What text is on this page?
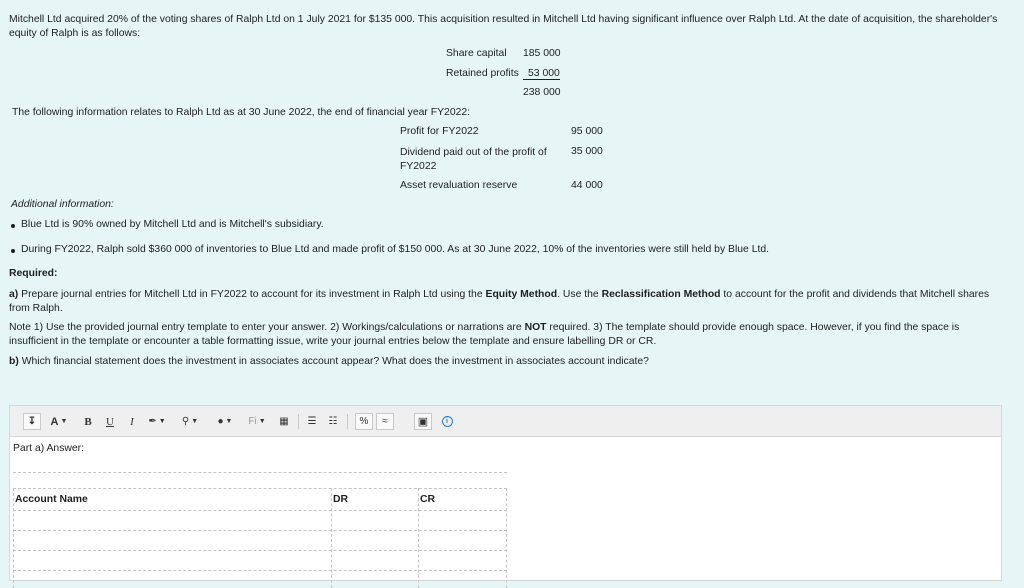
Mitchell Ltd acquired 20% of the voting shares of Ralph Ltd on 1 July 2021 for $135 000. This acquisition resulted in Mitchell Ltd having significant influence over Ralph Ltd. At the date of acquisition, the shareholder's equity of Ralph is as follows:
Share capital 185 000
Retained profits 53 000
238 000
The following information relates to Ralph Ltd as at 30 June 2022, the end of financial year FY2022:
Profit for FY2022	95 000
Dividend paid out of the profit of FY2022
35 000
Asset revaluation reserve	44 000
Additional information:
Blue Ltd is 90% owned by Mitchell Ltd and is Mitchell's subsidiary.
During FY2022, Ralph sold $360 000 of inventories to Blue Ltd and made profit of $150 000. As at 30 June 2022, 10% of the inventories were still held by Blue Ltd.
Required:
a) Prepare journal entries for Mitchell Ltd in FY2022 to account for its investment in Ralph Ltd using the Equity Method. Use the Reclassification Method to account for the profit and dividends that Mitchell shares from Ralph.
Note 1) Use the provided journal entry template to enter your answer. 2) Workings/calculations or narrations are NOT required. 3) The template should provide enough space. However, if you find the space is insufficient in the template or encounter a table formatting issue, write your journal entries below the template and ensure labelling DR or CR.
b) Which financial statement does the investment in associates account appear? What does the investment in associates account indicate?
↧ A ▼ B U I ✒ ▼ ⚲ ▼ ● ▼ Fi ▼ ▦ ☰ ☷ % ≈	▣	i
Part a) Answer:
Account Name	DR	CR
